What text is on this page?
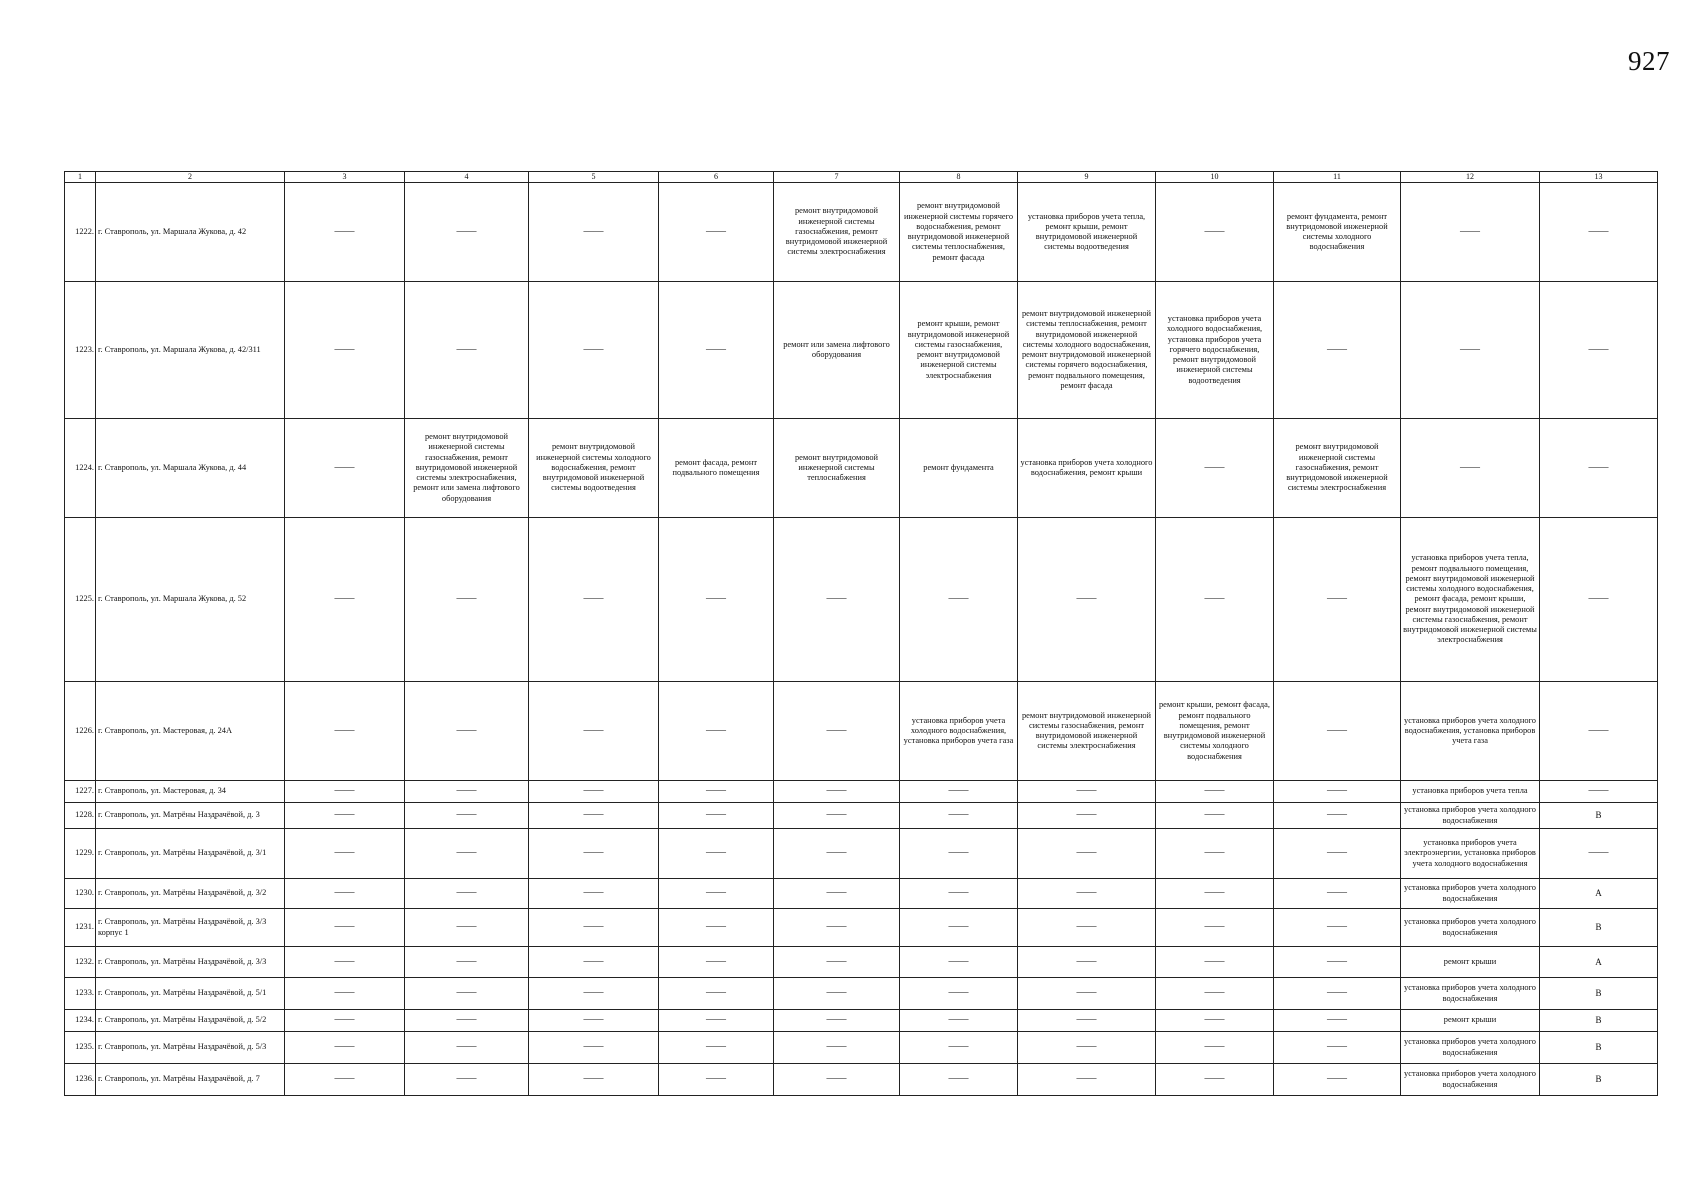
927
1	2	3	4	5	6	7	8	9	10	11	12	13
1222.	г. Ставрополь, ул. Маршала Жукова, д. 42	——	——	——	——	ремонт внутридомовой инженерной системы газоснабжения, ремонт внутридомовой инженерной системы электроснабжения	ремонт внутридомовой инженерной системы горячего водоснабжения, ремонт внутридомовой инженерной системы теплоснабжения, ремонт фасада	установка приборов учета тепла, ремонт крыши, ремонт внутридомовой инженерной системы водоотведения	——	ремонт фундамента, ремонт внутридомовой инженерной системы холодного водоснабжения	——	——
1223.	г. Ставрополь, ул. Маршала Жукова, д. 42/311	——	——	——	——	ремонт или замена лифтового оборудования	ремонт крыши, ремонт внутридомовой инженерной системы газоснабжения, ремонт внутридомовой инженерной системы электроснабжения	ремонт внутридомовой инженерной системы теплоснабжения, ремонт внутридомовой инженерной системы холодного водоснабжения, ремонт внутридомовой инженерной системы горячего водоснабжения, ремонт подвального помещения, ремонт фасада	установка приборов учета холодного водоснабжения, установка приборов учета горячего водоснабжения, ремонт внутридомовой инженерной системы водоотведения	——	——	——
1224.	г. Ставрополь, ул. Маршала Жукова, д. 44	——	ремонт внутридомовой инженерной системы газоснабжения, ремонт внутридомовой инженерной системы электроснабжения, ремонт или замена лифтового оборудования	ремонт внутридомовой инженерной системы холодного водоснабжения, ремонт внутридомовой инженерной системы водоотведения	ремонт фасада, ремонт подвального помещения	ремонт внутридомовой инженерной системы теплоснабжения	ремонт фундамента	установка приборов учета холодного водоснабжения, ремонт крыши	——	ремонт внутридомовой инженерной системы газоснабжения, ремонт внутридомовой инженерной системы электроснабжения	——	——
1225.	г. Ставрополь, ул. Маршала Жукова, д. 52	——	——	——	——	——	——	——	——	——	установка приборов учета тепла, ремонт подвального помещения, ремонт внутридомовой инженерной системы холодного водоснабжения, ремонт фасада, ремонт крыши, ремонт внутридомовой инженерной системы газоснабжения, ремонт внутридомовой инженерной системы электроснабжения	——
1226.	г. Ставрополь, ул. Мастеровая, д. 24А	——	——	——	——	——	установка приборов учета холодного водоснабжения, установка приборов учета газа	ремонт внутридомовой инженерной системы газоснабжения, ремонт внутридомовой инженерной системы электроснабжения	ремонт крыши, ремонт фасада, ремонт подвального помещения, ремонт внутридомовой инженерной системы холодного водоснабжения	——	установка приборов учета холодного водоснабжения, установка приборов учета газа	——
1227.	г. Ставрополь, ул. Мастеровая, д. 34	——	——	——	——	——	——	——	——	——	установка приборов учета тепла	——
1228.	г. Ставрополь, ул. Матрёны Наздрачёвой, д. 3	——	——	——	——	——	——	——	——	——	установка приборов учета холодного водоснабжения	В
1229.	г. Ставрополь, ул. Матрёны Наздрачёвой, д. 3/1	——	——	——	——	——	——	——	——	——	установка приборов учета электроэнергии, установка приборов учета холодного водоснабжения	——
1230.	г. Ставрополь, ул. Матрёны Наздрачёвой, д. 3/2	——	——	——	——	——	——	——	——	——	установка приборов учета холодного водоснабжения	А
1231.	г. Ставрополь, ул. Матрёны Наздрачёвой, д. 3/3 корпус 1	——	——	——	——	——	——	——	——	——	установка приборов учета холодного водоснабжения	В
1232.	г. Ставрополь, ул. Матрёны Наздрачёвой, д. 3/3	——	——	——	——	——	——	——	——	——	ремонт крыши	А
1233.	г. Ставрополь, ул. Матрёны Наздрачёвой, д. 5/1	——	——	——	——	——	——	——	——	——	установка приборов учета холодного водоснабжения	В
1234.	г. Ставрополь, ул. Матрёны Наздрачёвой, д. 5/2	——	——	——	——	——	——	——	——	——	ремонт крыши	В
1235.	г. Ставрополь, ул. Матрёны Наздрачёвой, д. 5/3	——	——	——	——	——	——	——	——	——	установка приборов учета холодного водоснабжения	В
1236.	г. Ставрополь, ул. Матрёны Наздрачёвой, д. 7	——	——	——	——	——	——	——	——	——	установка приборов учета холодного водоснабжения	В
